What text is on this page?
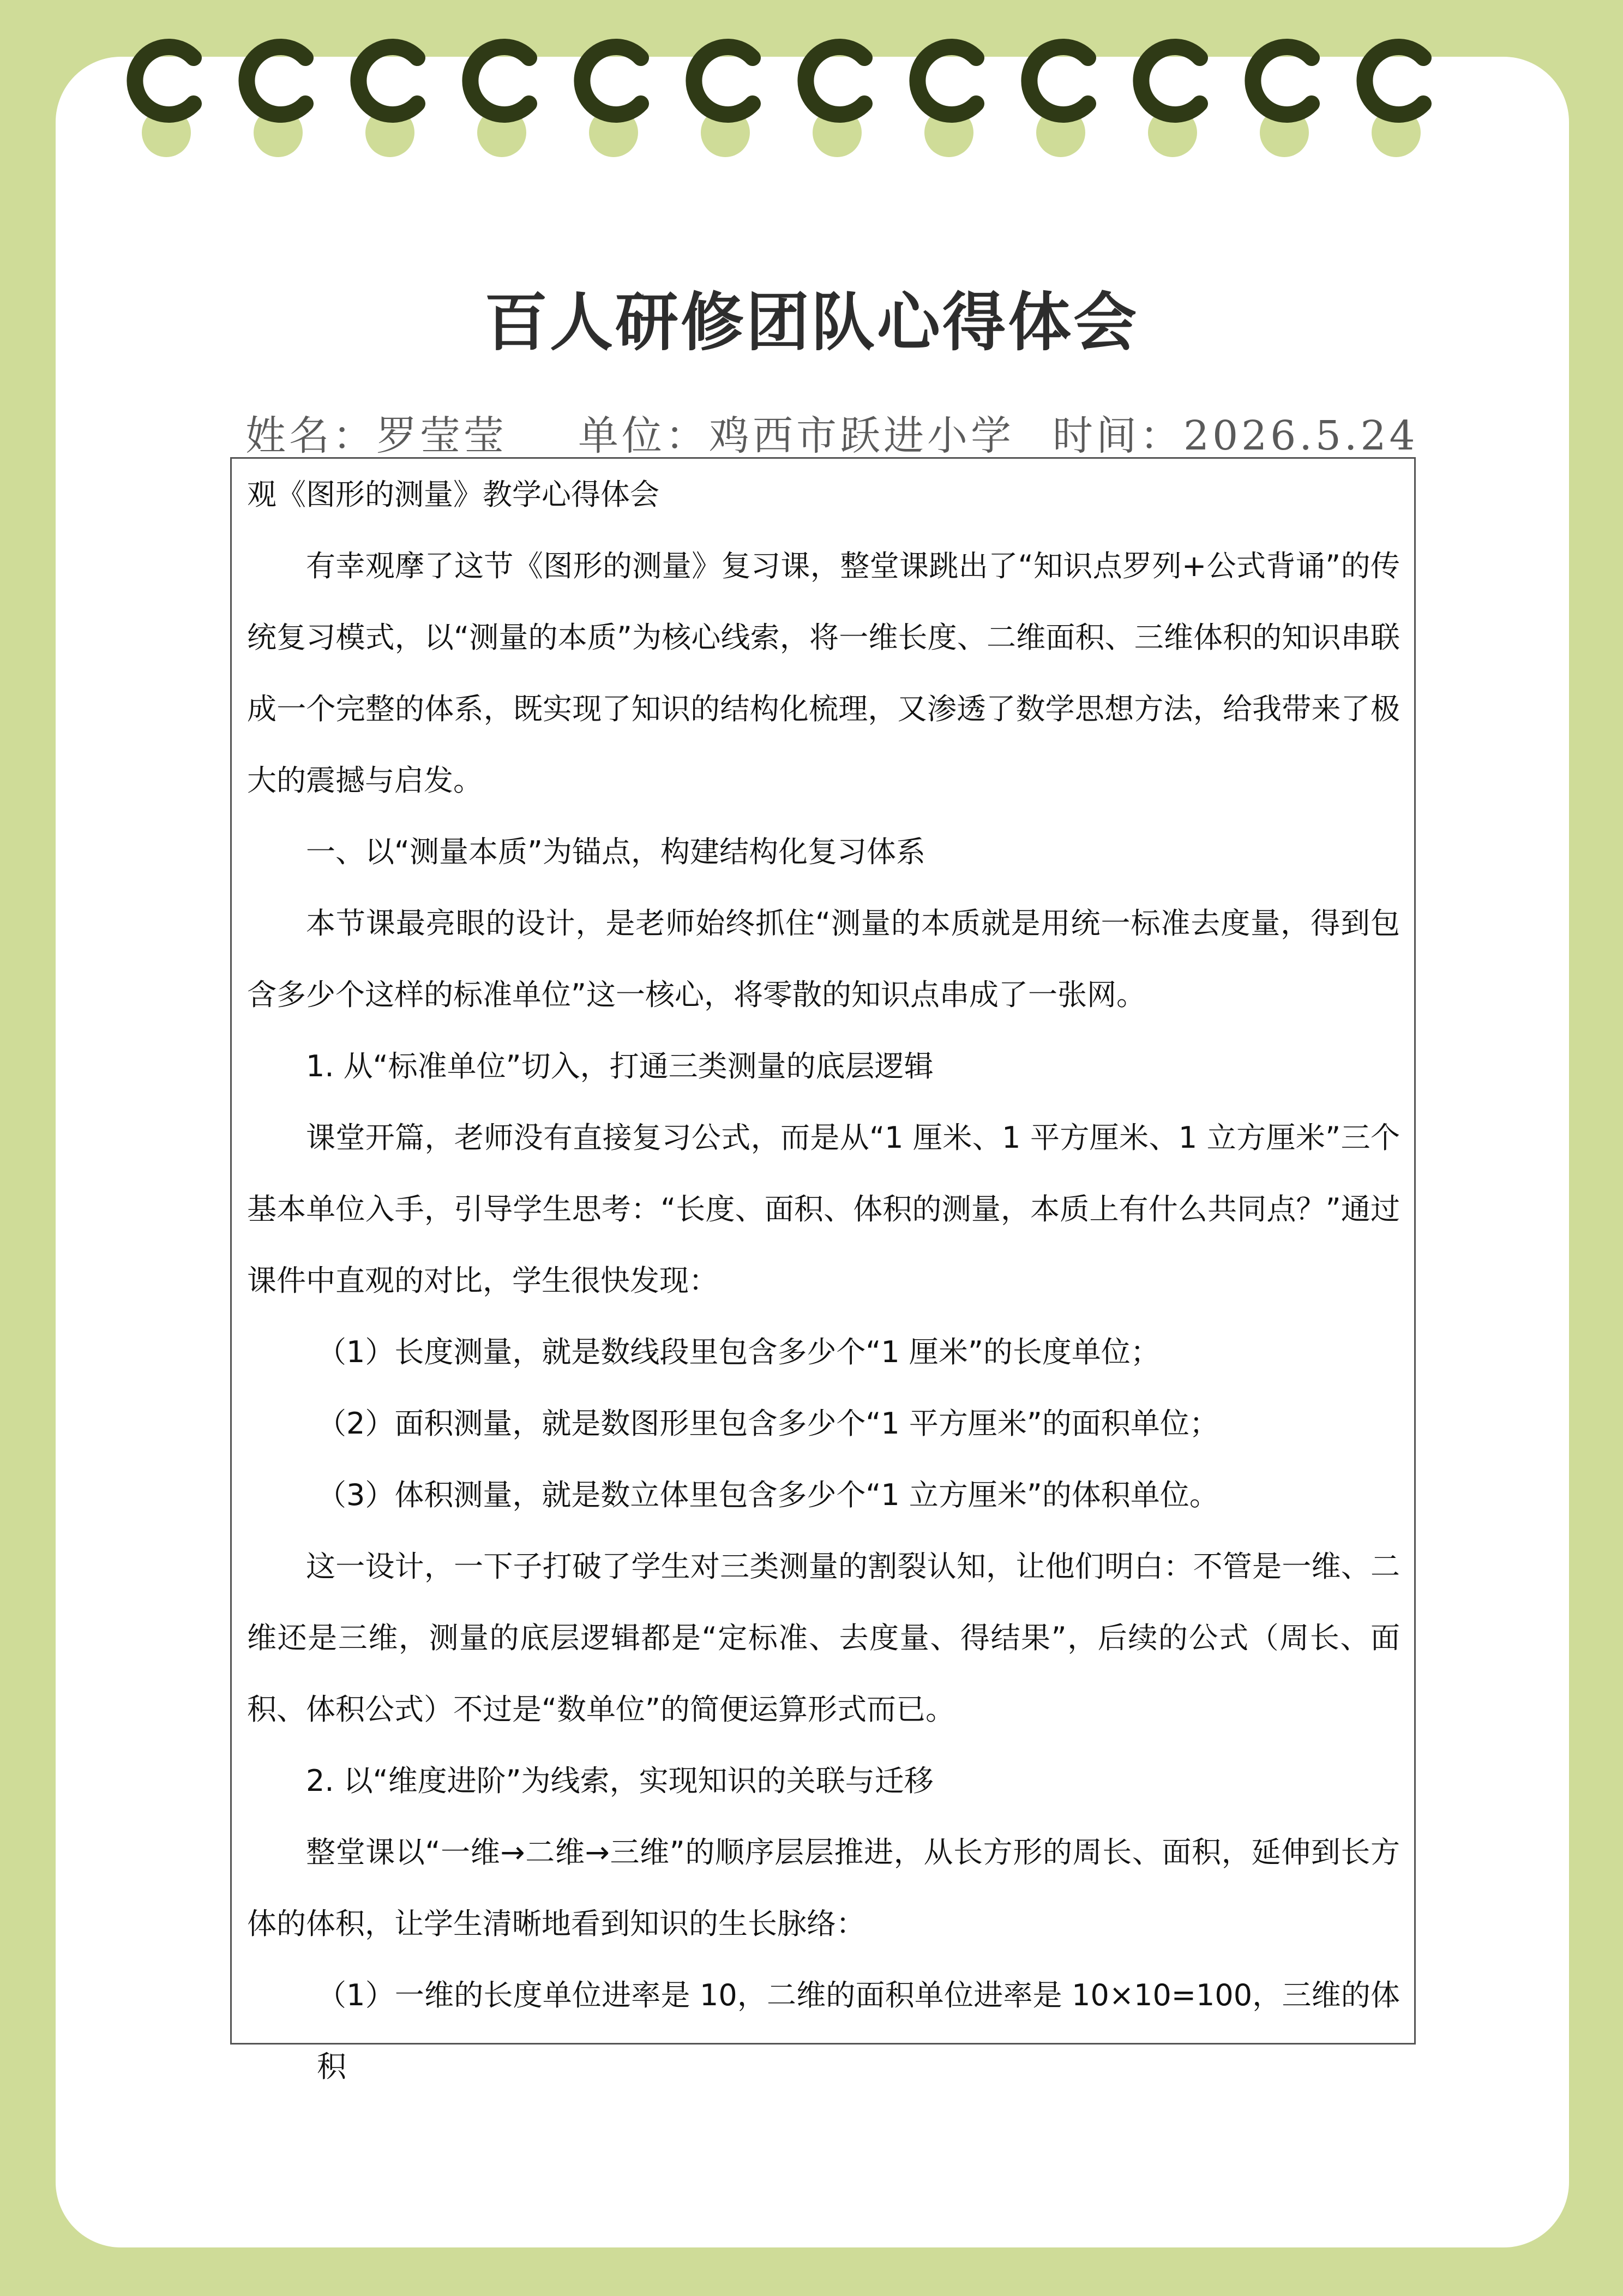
百人研修团队心得体会
姓名：罗莹莹 单位：鸡西市跃进小学 时间：2026.5.24

观《图形的测量》教学心得体会

有幸观摩了这节《图形的测量》复习课，整堂课跳出了“知识点罗列+公式背诵”的传统复习模式，以“测量的本质”为核心线索，将一维长度、二维面积、三维体积的知识串联成一个完整的体系，既实现了知识的结构化梳理，又渗透了数学思想方法，给我带来了极大的震撼与启发。

一、以“测量本质”为锚点，构建结构化复习体系

本节课最亮眼的设计，是老师始终抓住“测量的本质就是用统一标准去度量，得到包含多少个这样的标准单位”这一核心，将零散的知识点串成了一张网。

1. 从“标准单位”切入，打通三类测量的底层逻辑

课堂开篇，老师没有直接复习公式，而是从“1 厘米、1 平方厘米、1 立方厘米”三个基本单位入手，引导学生思考：“长度、面积、体积的测量，本质上有什么共同点？”通过课件中直观的对比，学生很快发现：

（1）长度测量，就是数线段里包含多少个“1 厘米”的长度单位；

（2）面积测量，就是数图形里包含多少个“1 平方厘米”的面积单位；

（3）体积测量，就是数立体里包含多少个“1 立方厘米”的体积单位。

这一设计，一下子打破了学生对三类测量的割裂认知，让他们明白：不管是一维、二维还是三维，测量的底层逻辑都是“定标准、去度量、得结果”，后续的公式（周长、面积、体积公式）不过是“数单位”的简便运算形式而已。

2. 以“维度进阶”为线索，实现知识的关联与迁移

整堂课以“一维→二维→三维”的顺序层层推进，从长方形的周长、面积，延伸到长方体的体积，让学生清晰地看到知识的生长脉络：

（1）一维的长度单位进率是 10，二维的面积单位进率是 10×10=100，三维的体积
